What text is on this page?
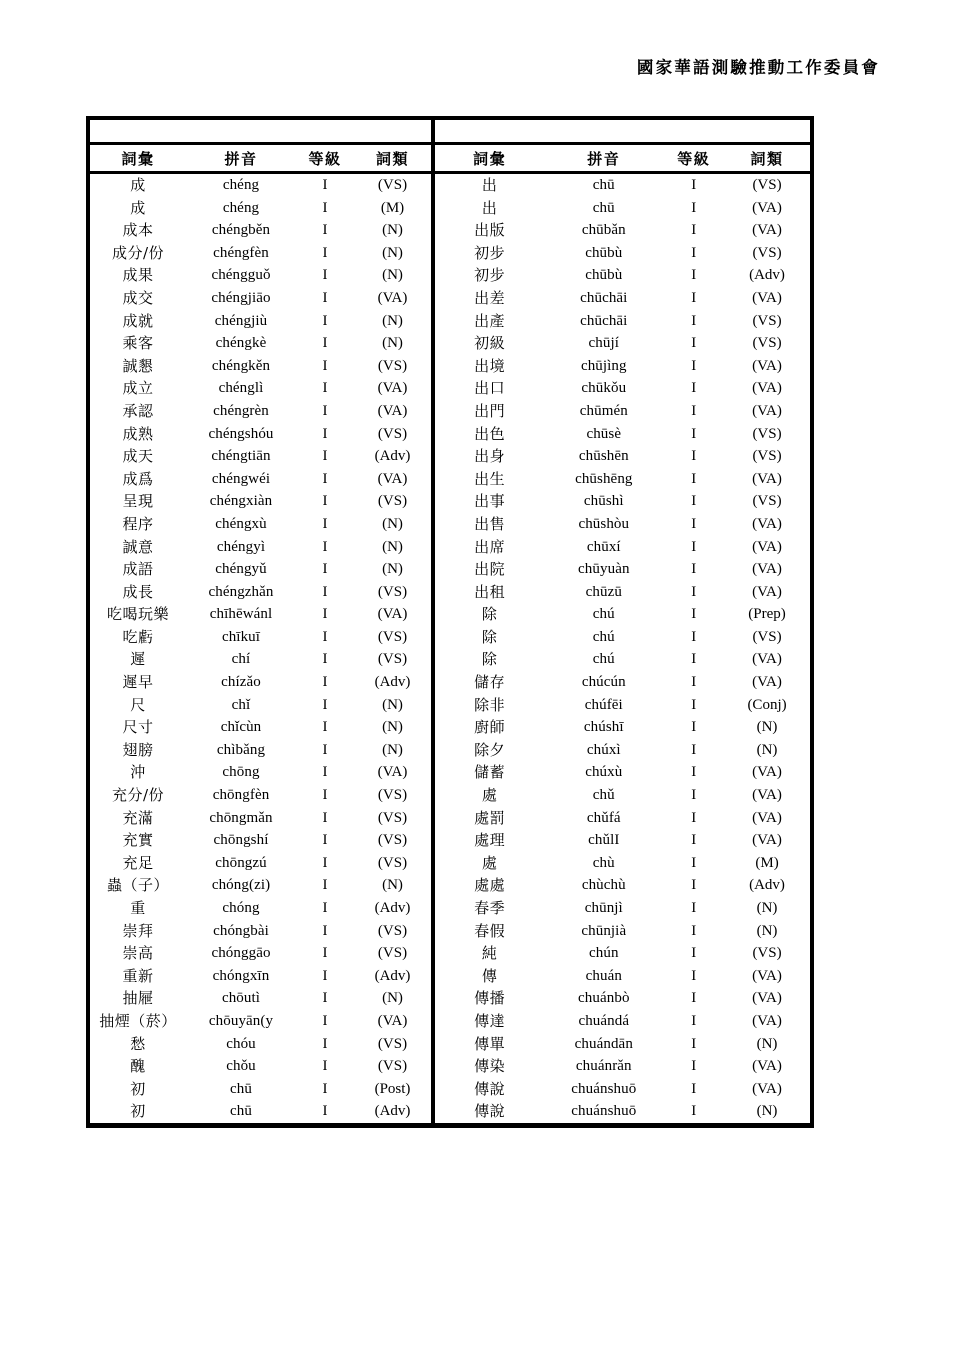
國家華語測驗推動工作委員會

詞彙	拼音	等級	詞類
成	chéng	I	(VS)
成	chéng	I	(M)
成本	chéngběn	I	(N)
成分/份	chéngfèn	I	(N)
成果	chéngguǒ	I	(N)
成交	chéngjiāo	I	(VA)
成就	chéngjiù	I	(N)
乘客	chéngkè	I	(N)
誠懇	chéngkěn	I	(VS)
成立	chénglì	I	(VA)
承認	chéngrèn	I	(VA)
成熟	chéngshóu	I	(VS)
成天	chéngtiān	I	(Adv)
成爲	chéngwéi	I	(VA)
呈現	chéngxiàn	I	(VS)
程序	chéngxù	I	(N)
誠意	chéngyì	I	(N)
成語	chéngyǔ	I	(N)
成長	chéngzhǎn	I	(VS)
吃喝玩樂	chīhēwánl	I	(VA)
吃虧	chīkuī	I	(VS)
遲	chí	I	(VS)
遲早	chízǎo	I	(Adv)
尺	chǐ	I	(N)
尺寸	chǐcùn	I	(N)
翅膀	chìbǎng	I	(N)
沖	chōng	I	(VA)
充分/份	chōngfèn	I	(VS)
充滿	chōngmǎn	I	(VS)
充實	chōngshí	I	(VS)
充足	chōngzú	I	(VS)
蟲（子）	chóng(zi)	I	(N)
重	chóng	I	(Adv)
崇拜	chóngbài	I	(VS)
崇高	chónggāo	I	(VS)
重新	chóngxīn	I	(Adv)
抽屜	chōutì	I	(N)
抽煙（菸）	chōuyān(y	I	(VA)
愁	chóu	I	(VS)
醜	chǒu	I	(VS)
初	chū	I	(Post)
初	chū	I	(Adv)

詞彙	拼音	等級	詞類
出	chū	I	(VS)
出	chū	I	(VA)
出版	chūbǎn	I	(VA)
初步	chūbù	I	(VS)
初步	chūbù	I	(Adv)
出差	chūchāi	I	(VA)
出產	chūchāi	I	(VS)
初級	chūjí	I	(VS)
出境	chūjìng	I	(VA)
出口	chūkǒu	I	(VA)
出門	chūmén	I	(VA)
出色	chūsè	I	(VS)
出身	chūshēn	I	(VS)
出生	chūshēng	I	(VA)
出事	chūshì	I	(VS)
出售	chūshòu	I	(VA)
出席	chūxí	I	(VA)
出院	chūyuàn	I	(VA)
出租	chūzū	I	(VA)
除	chú	I	(Prep)
除	chú	I	(VS)
除	chú	I	(VA)
儲存	chúcún	I	(VA)
除非	chúfēi	I	(Conj)
廚師	chúshī	I	(N)
除夕	chúxì	I	(N)
儲蓄	chúxù	I	(VA)
處	chǔ	I	(VA)
處罰	chǔfá	I	(VA)
處理	chǔlI	I	(VA)
處	chù	I	(M)
處處	chùchù	I	(Adv)
春季	chūnjì	I	(N)
春假	chūnjià	I	(N)
純	chún	I	(VS)
傳	chuán	I	(VA)
傳播	chuánbò	I	(VA)
傳達	chuándá	I	(VA)
傳單	chuándān	I	(N)
傳染	chuánrǎn	I	(VA)
傳說	chuánshuō	I	(VA)
傳說	chuánshuō	I	(N)
